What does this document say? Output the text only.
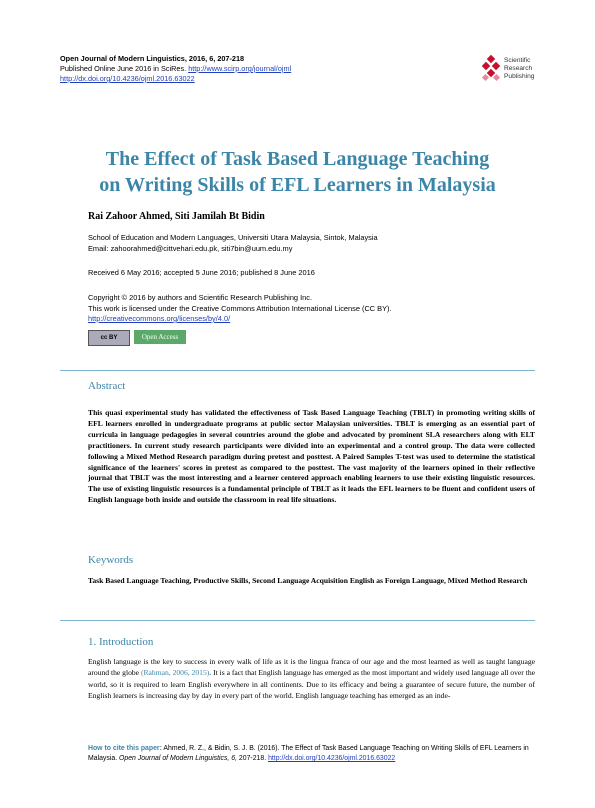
Open Journal of Modern Linguistics, 2016, 6, 207-218
Published Online June 2016 in SciRes. http://www.scirp.org/journal/ojml
http://dx.doi.org/10.4236/ojml.2016.63022
Scientific
Research
Publishing
The Effect of Task Based Language Teaching
on Writing Skills of EFL Learners in Malaysia
Rai Zahoor Ahmed, Siti Jamilah Bt Bidin
School of Education and Modern Languages, Universiti Utara Malaysia, Sintok, Malaysia
Email: zahoorahmed@cittvehari.edu.pk, siti7bin@uum.edu.my
Received 6 May 2016; accepted 5 June 2016; published 8 June 2016
Copyright © 2016 by authors and Scientific Research Publishing Inc.
This work is licensed under the Creative Commons Attribution International License (CC BY).
http://creativecommons.org/licenses/by/4.0/
cc BY	Open Access
Abstract
This quasi experimental study has validated the effectiveness of Task Based Language Teaching (TBLT) in promoting writing skills of EFL learners enrolled in undergraduate programs at public sector Malaysian universities. TBLT is emerging as an essential part of curricula in language pedagogies in several countries around the globe and advocated by prominent SLA researchers along with ELT practitioners. In current study research participants were divided into an experimental and a control group. The data were collected following a Mixed Method Research paradigm during pretest and posttest. A Paired Samples T-test was used to determine the statistical significance of the learners' scores in pretest as compared to the posttest. The vast majority of the learners opined in their reflective journal that TBLT was the most interesting and a learner centered approach enabling learners to use their existing linguistic resources. The use of existing linguistic resources is a fundamental principle of TBLT as it leads the EFL learners to be fluent and confident users of English language both inside and outside the classroom in real life situations.
Keywords
Task Based Language Teaching, Productive Skills, Second Language Acquisition English as Foreign Language, Mixed Method Research
1. Introduction
English language is the key to success in every walk of life as it is the lingua franca of our age and the most learned as well as taught language around the globe (Rahman, 2006, 2015). It is a fact that English language has emerged as the most important and widely used language all over the world, so it is required to learn English everywhere in all continents. Due to its efficacy and being a guarantee of secure future, the number of English learners is increasing day by day in every part of the world. English language teaching has emerged as an inde-
How to cite this paper: Ahmed, R. Z., & Bidin, S. J. B. (2016). The Effect of Task Based Language Teaching on Writing Skills of EFL Learners in Malaysia. Open Journal of Modern Linguistics, 6, 207-218. http://dx.doi.org/10.4236/ojml.2016.63022
